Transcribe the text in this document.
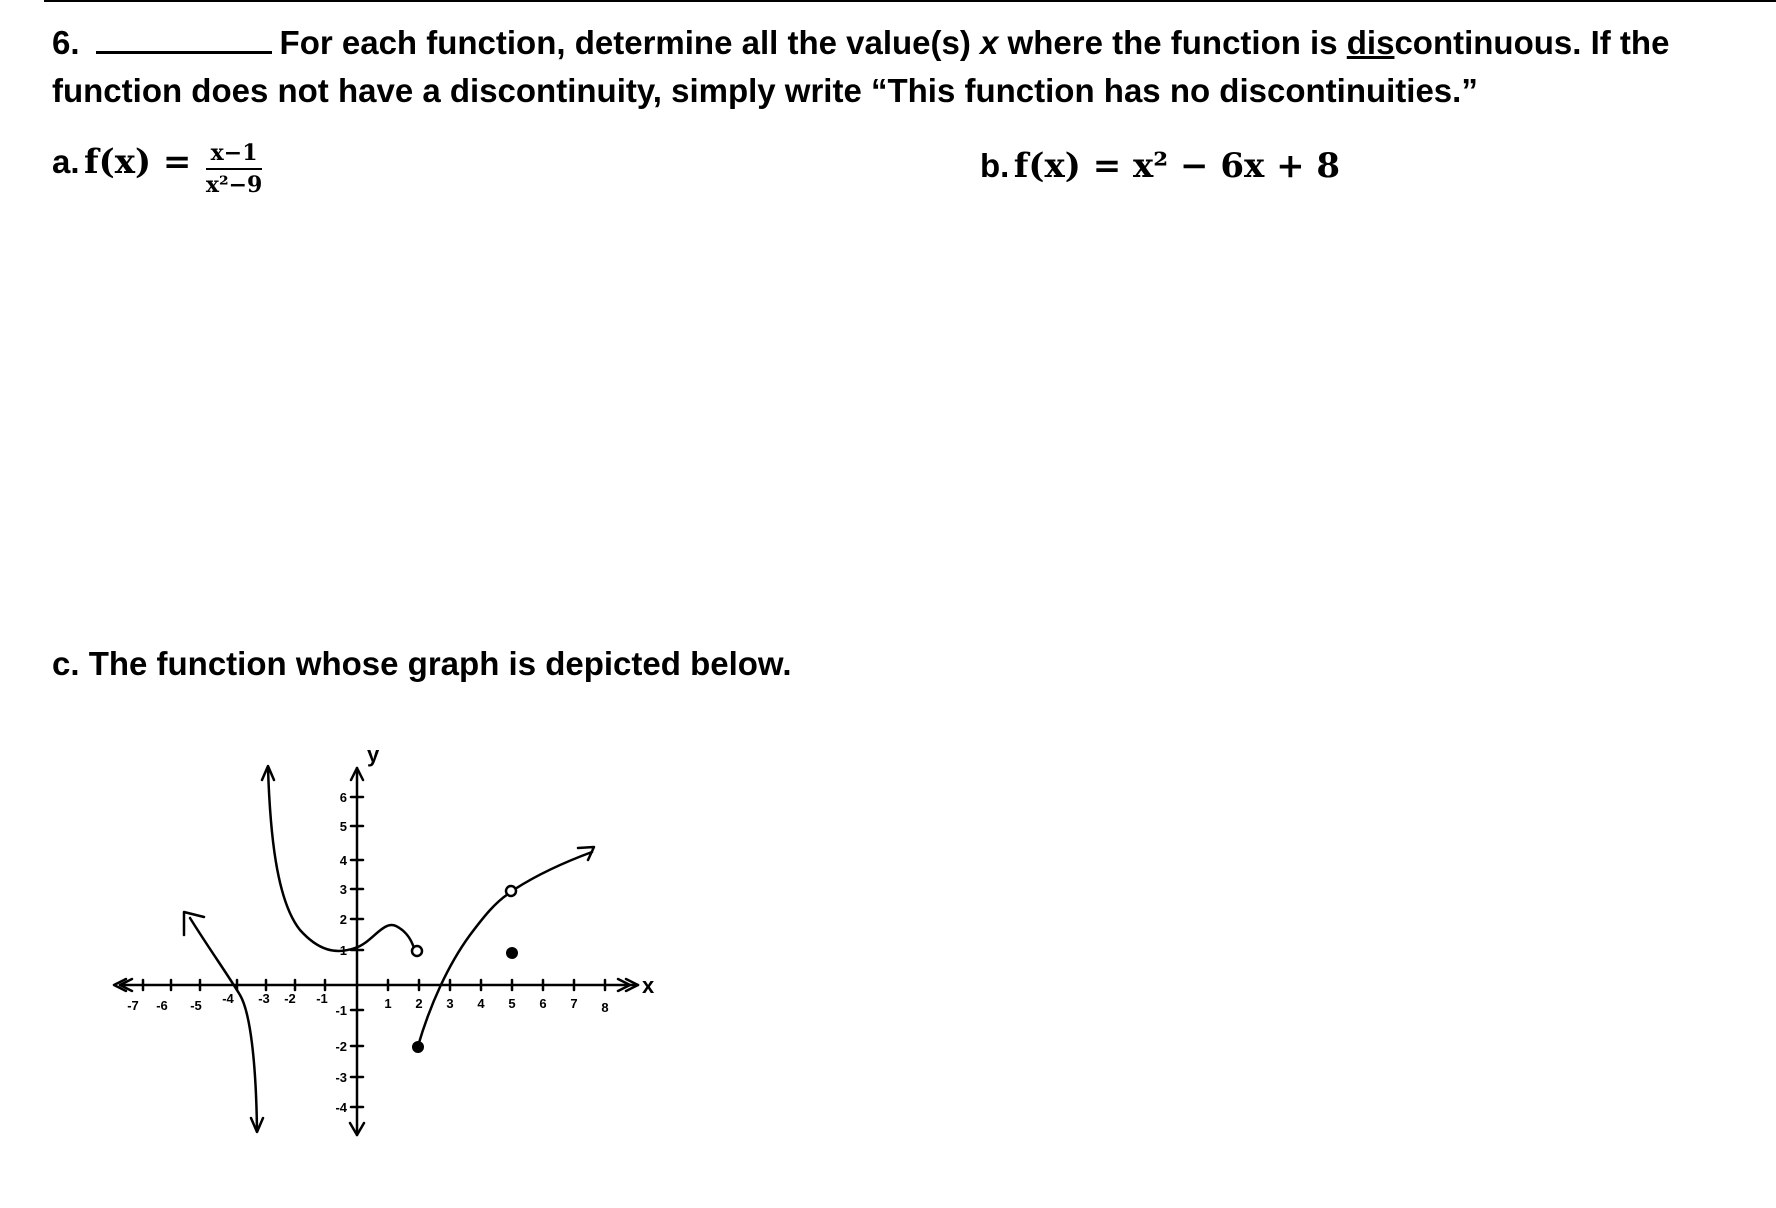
6.	For each function, determine all the value(s) x where the function is discontinuous. If the
function does not have a discontinuity, simply write “This function has no discontinuities.”
a. $f(x) = \frac{x-1}{\text{x²−9}}$	b. f(x) = x² − 6x + 8
c. The function whose graph is depicted below.
y
x
-7 -6 -5 -4 -3 -2 -1	1 2 3 4 5 6 7 8
6
5
4
3
2
1
-1
-2
-3
-4
